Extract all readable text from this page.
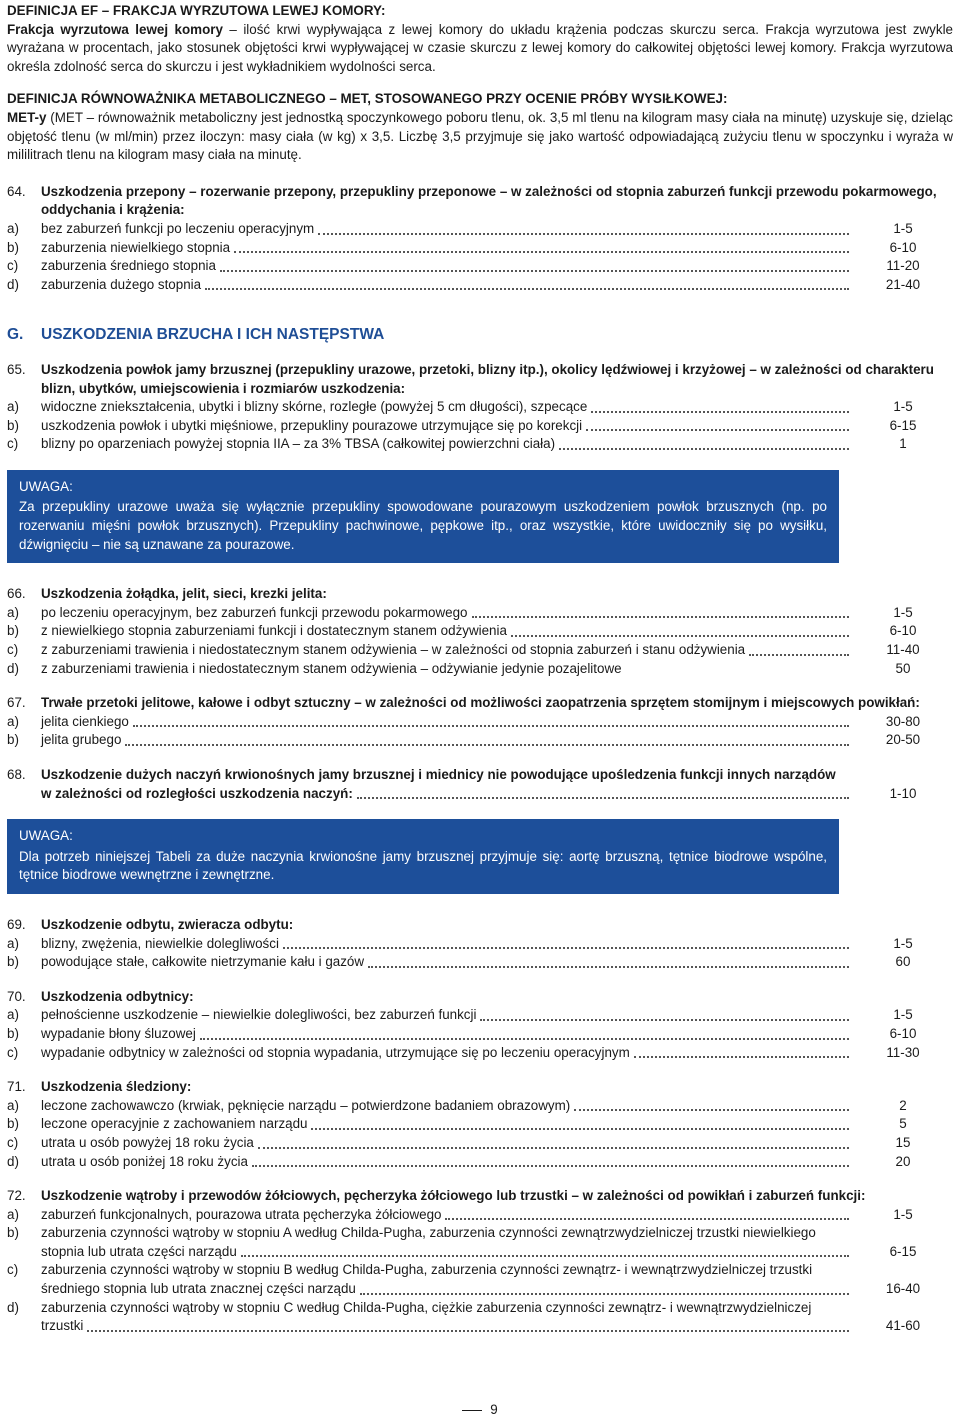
DEFINICJA EF – FRAKCJA WYRZUTOWA LEWEJ KOMORY:

Frakcja wyrzutowa lewej komory – ilość krwi wypływająca z lewej komory do układu krążenia podczas skurczu serca. Frakcja wyrzutowa jest zwykle wyrażana w procentach, jako stosunek objętości krwi wypływającej w czasie skurczu z lewej komory do całkowitej objętości lewej komory. Frakcja wyrzutowa określa zdolność serca do skurczu i jest wykładnikiem wydolności serca.

DEFINICJA RÓWNOWAŻNIKA METABOLICZNEGO – MET, STOSOWANEGO PRZY OCENIE PRÓBY WYSIŁKOWEJ:

MET-y (MET – równoważnik metaboliczny jest jednostką spoczynkowego poboru tlenu, ok. 3,5 ml tlenu na kilogram masy ciała na minutę) uzyskuje się, dzieląc objętość tlenu (w ml/min) przez iloczyn: masy ciała (w kg) x 3,5. Liczbę 3,5 przyjmuje się jako wartość odpowiadającą zużyciu tlenu w spoczynku i wyraża w mililitrach tlenu na kilogram masy ciała na minutę.

64.	Uszkodzenia przepony – rozerwanie przepony, przepukliny przeponowe – w zależności od stopnia zaburzeń funkcji przewodu pokarmowego, oddychania i krążenia:
a)	bez zaburzeń funkcji po leczeniu operacyjnym	1-5
b)	zaburzenia niewielkiego stopnia	6-10
c)	zaburzenia średniego stopnia	11-20
d)	zaburzenia dużego stopnia	21-40
G.	USZKODZENIA BRZUCHA I ICH NASTĘPSTWA
65.	Uszkodzenia powłok jamy brzusznej (przepukliny urazowe, przetoki, blizny itp.), okolicy lędźwiowej i krzyżowej – w zależności od charakteru blizn, ubytków, umiejscowienia i rozmiarów uszkodzenia:
a)	widoczne zniekształcenia, ubytki i blizny skórne, rozległe (powyżej 5 cm długości), szpecące	1-5
b)	uszkodzenia powłok i ubytki mięśniowe, przepukliny pourazowe utrzymujące się po korekcji	6-15
c)	blizny po oparzeniach powyżej stopnia IIA – za 3% TBSA (całkowitej powierzchni ciała)	1

UWAGA:

Za przepukliny urazowe uważa się wyłącznie przepukliny spowodowane pourazowym uszkodzeniem powłok brzusznych (np. po rozerwaniu mięśni powłok brzusznych). Przepukliny pachwinowe, pępkowe itp., oraz wszystkie, które uwidoczniły się po wysiłku, dźwignięciu – nie są uznawane za pourazowe.

66.	Uszkodzenia żołądka, jelit, sieci, krezki jelita:
a)	po leczeniu operacyjnym, bez zaburzeń funkcji przewodu pokarmowego	1-5
b)	z niewielkiego stopnia zaburzeniami funkcji i dostatecznym stanem odżywienia	6-10
c)	z zaburzeniami trawienia i niedostatecznym stanem odżywienia – w zależności od stopnia zaburzeń i stanu odżywienia	11-40
d)	z zaburzeniami trawienia i niedostatecznym stanem odżywienia – odżywianie jedynie pozajelitowe	50
67.	Trwałe przetoki jelitowe, kałowe i odbyt sztuczny – w zależności od możliwości zaopatrzenia sprzętem stomijnym i miejscowych powikłań:
a)	jelita cienkiego	30-80
b)	jelita grubego	20-50
68.	Uszkodzenie dużych naczyń krwionośnych jamy brzusznej i miednicy nie powodujące upośledzenia funkcji innych narządów
w zależności od rozległości uszkodzenia naczyń:	1-10

UWAGA:

Dla potrzeb niniejszej Tabeli za duże naczynia krwionośne jamy brzusznej przyjmuje się: aortę brzuszną, tętnice biodrowe wspólne, tętnice biodrowe wewnętrzne i zewnętrzne.

69.	Uszkodzenie odbytu, zwieracza odbytu:
a)	blizny, zwężenia, niewielkie dolegliwości	1-5
b)	powodujące stałe, całkowite nietrzymanie kału i gazów	60
70.	Uszkodzenia odbytnicy:
a)	pełnościenne uszkodzenie – niewielkie dolegliwości, bez zaburzeń funkcji	1-5
b)	wypadanie błony śluzowej	6-10
c)	wypadanie odbytnicy w zależności od stopnia wypadania, utrzymujące się po leczeniu operacyjnym	11-30
71.	Uszkodzenia śledziony:
a)	leczone zachowawczo (krwiak, pęknięcie narządu – potwierdzone badaniem obrazowym)	2
b)	leczone operacyjnie z zachowaniem narządu	5
c)	utrata u osób powyżej 18 roku życia	15
d)	utrata u osób poniżej 18 roku życia	20
72.	Uszkodzenie wątroby i przewodów żółciowych, pęcherzyka żółciowego lub trzustki – w zależności od powikłań i zaburzeń funkcji:
a)	zaburzeń funkcjonalnych, pourazowa utrata pęcherzyka żółciowego	1-5
b)	zaburzenia czynności wątroby w stopniu A według Childa-Pugha, zaburzenia czynności zewnątrzwydzielniczej trzustki niewielkiego
stopnia lub utrata części narządu	6-15
c)	zaburzenia czynności wątroby w stopniu B według Childa-Pugha, zaburzenia czynności zewnątrz- i wewnątrzwydzielniczej trzustki
średniego stopnia lub utrata znacznej części narządu	16-40
d)	zaburzenia czynności wątroby w stopniu C według Childa-Pugha, ciężkie zaburzenia czynności zewnątrz- i wewnątrzwydzielniczej
trzustki	41-60
9
